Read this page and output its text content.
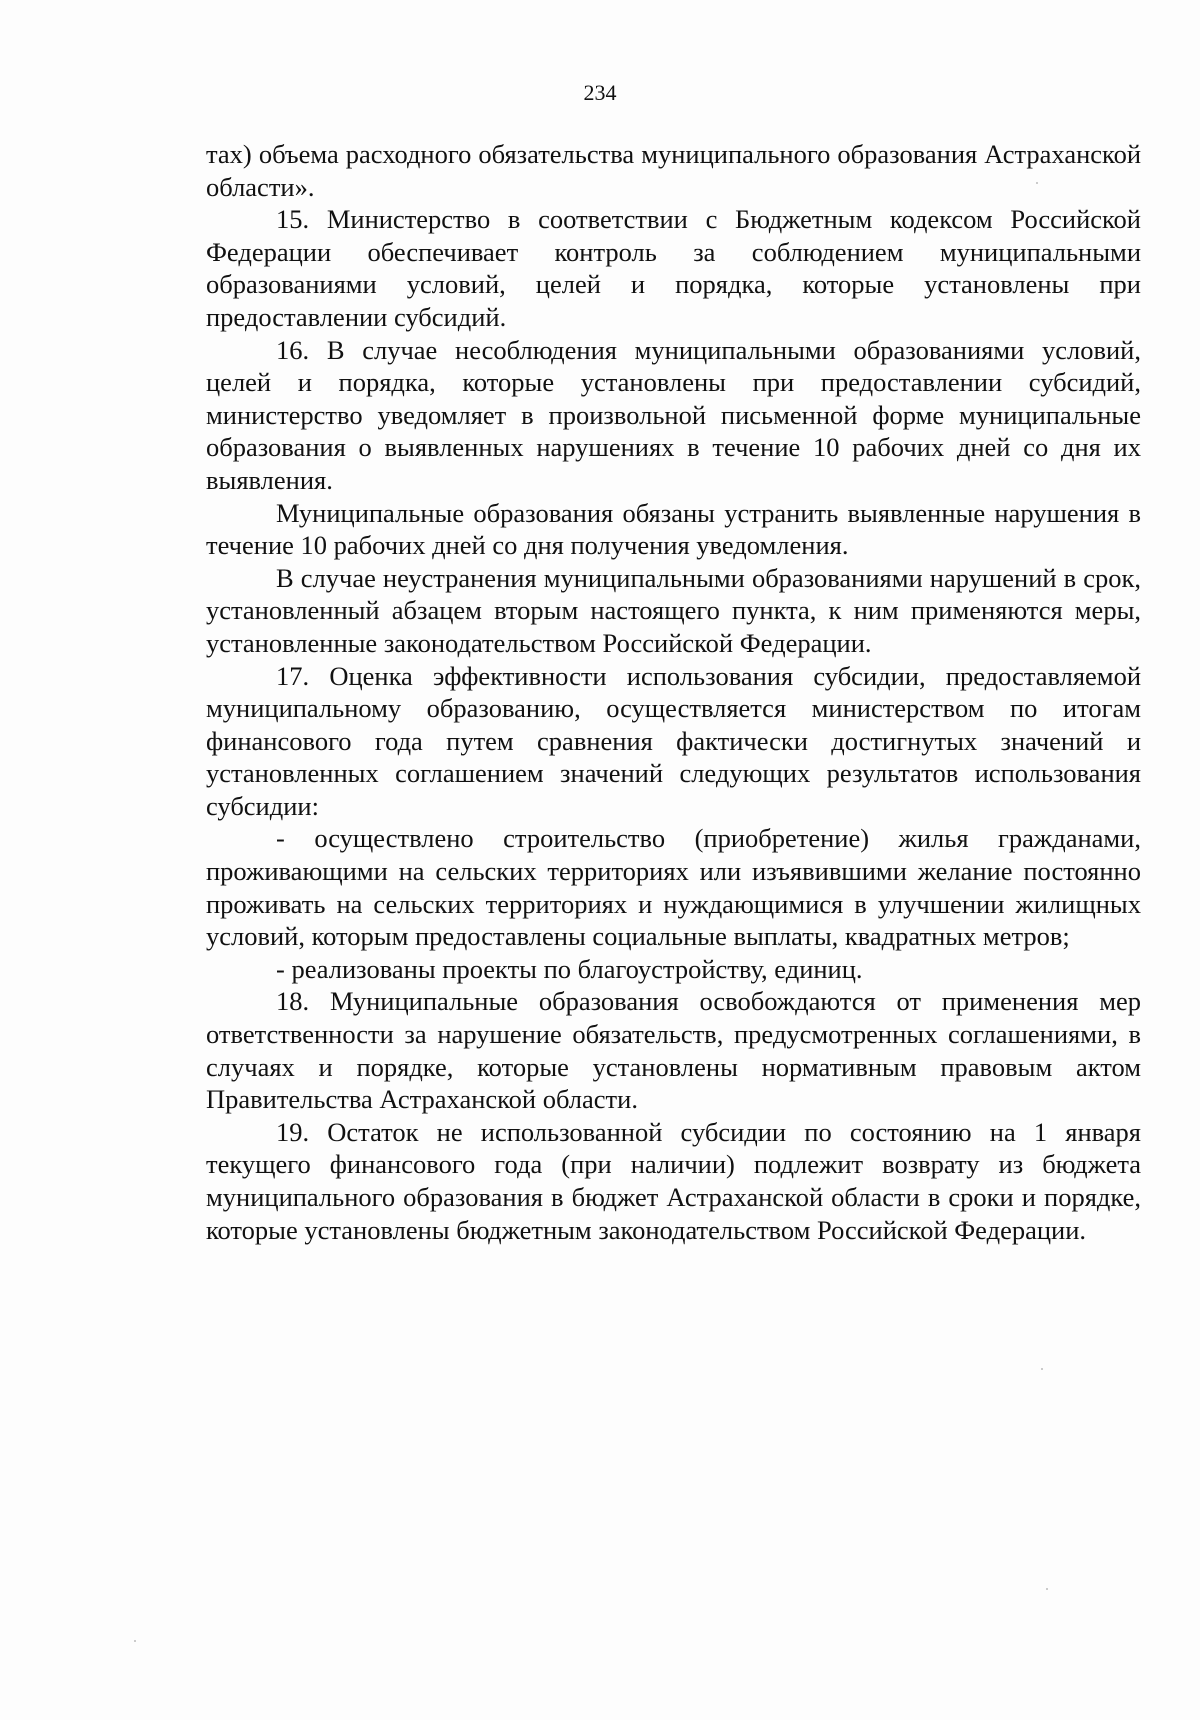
234

тах) объема расходного обязательства муниципального образования Астраханской области».

15. Министерство в соответствии с Бюджетным кодексом Российской Федерации обеспечивает контроль за соблюдением муниципальными образованиями условий, целей и порядка, которые установлены при предоставлении субсидий.

16. В случае несоблюдения муниципальными образованиями условий, целей и порядка, которые установлены при предоставлении субсидий, министерство уведомляет в произвольной письменной форме муниципальные образования о выявленных нарушениях в течение 10 рабочих дней со дня их выявления.

Муниципальные образования обязаны устранить выявленные нарушения в течение 10 рабочих дней со дня получения уведомления.

В случае неустранения муниципальными образованиями нарушений в срок, установленный абзацем вторым настоящего пункта, к ним применяются меры, установленные законодательством Российской Федерации.

17. Оценка эффективности использования субсидии, предоставляемой муниципальному образованию, осуществляется министерством по итогам финансового года путем сравнения фактически достигнутых значений и установленных соглашением значений следующих результатов использования субсидии:

- осуществлено строительство (приобретение) жилья гражданами, проживающими на сельских территориях или изъявившими желание постоянно проживать на сельских территориях и нуждающимися в улучшении жилищных условий, которым предоставлены социальные выплаты, квадратных метров;

- реализованы проекты по благоустройству, единиц.

18. Муниципальные образования освобождаются от применения мер ответственности за нарушение обязательств, предусмотренных соглашениями, в случаях и порядке, которые установлены нормативным правовым актом Правительства Астраханской области.

19. Остаток не использованной субсидии по состоянию на 1 января текущего финансового года (при наличии) подлежит возврату из бюджета муниципального образования в бюджет Астраханской области в сроки и порядке, которые установлены бюджетным законодательством Российской Федерации.
